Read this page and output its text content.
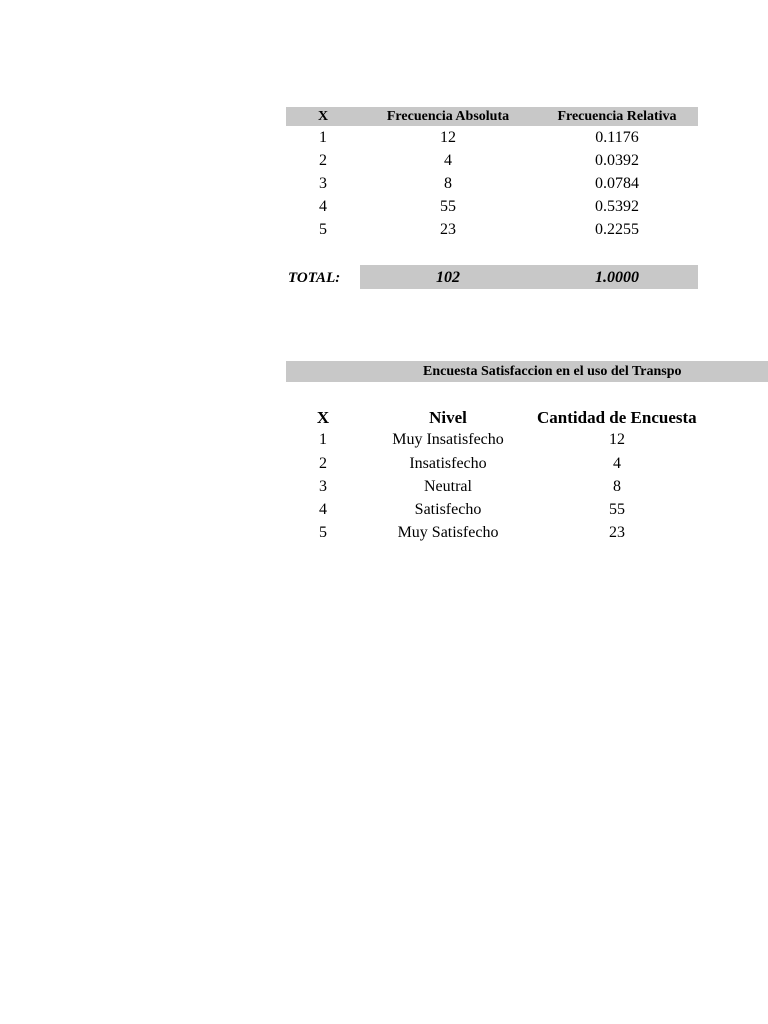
X	Frecuencia Absoluta	Frecuencia Relativa
1	12	0.1176
2	4	0.0392
3	8	0.0784
4	55	0.5392
5	23	0.2255
TOTAL:	102	1.0000
Encuesta Satisfaccion en el uso del Transpo
X	Nivel	Cantidad de Encuesta
1	Muy Insatisfecho	12
2	Insatisfecho	4
3	Neutral	8
4	Satisfecho	55
5	Muy Satisfecho	23
